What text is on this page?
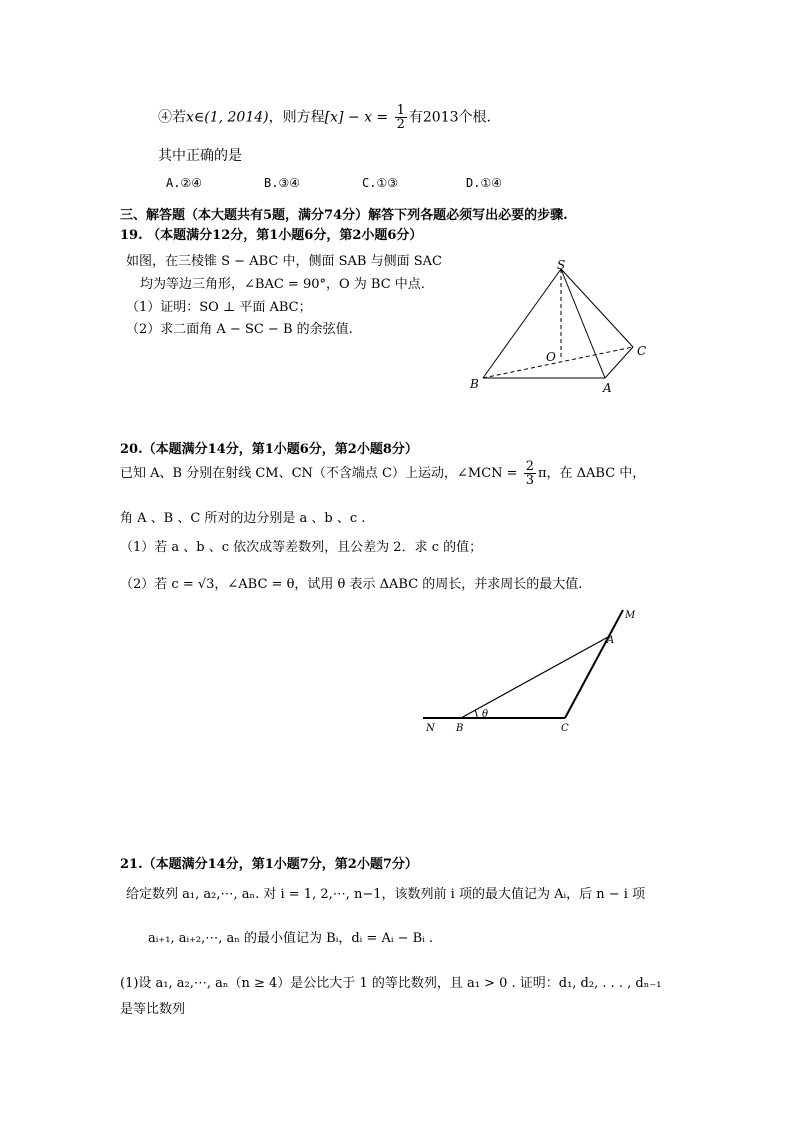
④若x∈(1, 2014)，则方程$[x] - x = \frac{1}{2}$ 有2013个根.
其中正确的是
A.②④	B.③④	C.①③	D.①④
三、解答题（本大题共有5题，满分74分）解答下列各题必须写出必要的步骤.
19. （本题满分12分，第1小题6分，第2小题6分）
如图，在三棱锥 S − ABC 中，侧面 SAB 与侧面 SAC
均为等边三角形，∠BAC = 90°，O 为 BC 中点.
（1）证明：SO ⊥ 平面 ABC；
（2）求二面角 A − SC − B 的余弦值.
S
O
B	A
C
20.（本题满分14分，第1小题6分，第2小题8分）
已知 A、B 分别在射线 CM、CN（不含端点 C）上运动，∠MCN = $\frac{2}{3}$ π，在 ΔABC 中，
角 A 、B 、C 所对的边分别是 a 、b 、c .
（1）若 a 、b 、c 依次成等差数列，且公差为 2．求 c 的值；
（2）若 c = √3，∠ABC = θ，试用 θ 表示 ΔABC 的周长，并求周长的最大值.
θ
M
A
N B	C
21.（本题满分14分，第1小题7分，第2小题7分）
给定数列 a₁, a₂,⋯, aₙ. 对 i = 1, 2,⋯, n−1，该数列前 i 项的最大值记为 Aᵢ，后 n − i 项
aᵢ₊₁, aᵢ₊₂,⋯, aₙ 的最小值记为 Bᵢ，dᵢ = Aᵢ − Bᵢ .
(1)设 a₁, a₂,⋯, aₙ（n ≥ 4）是公比大于 1 的等比数列，且 a₁ > 0 . 证明：d₁, d₂, . . . , dₙ₋₁
是等比数列
